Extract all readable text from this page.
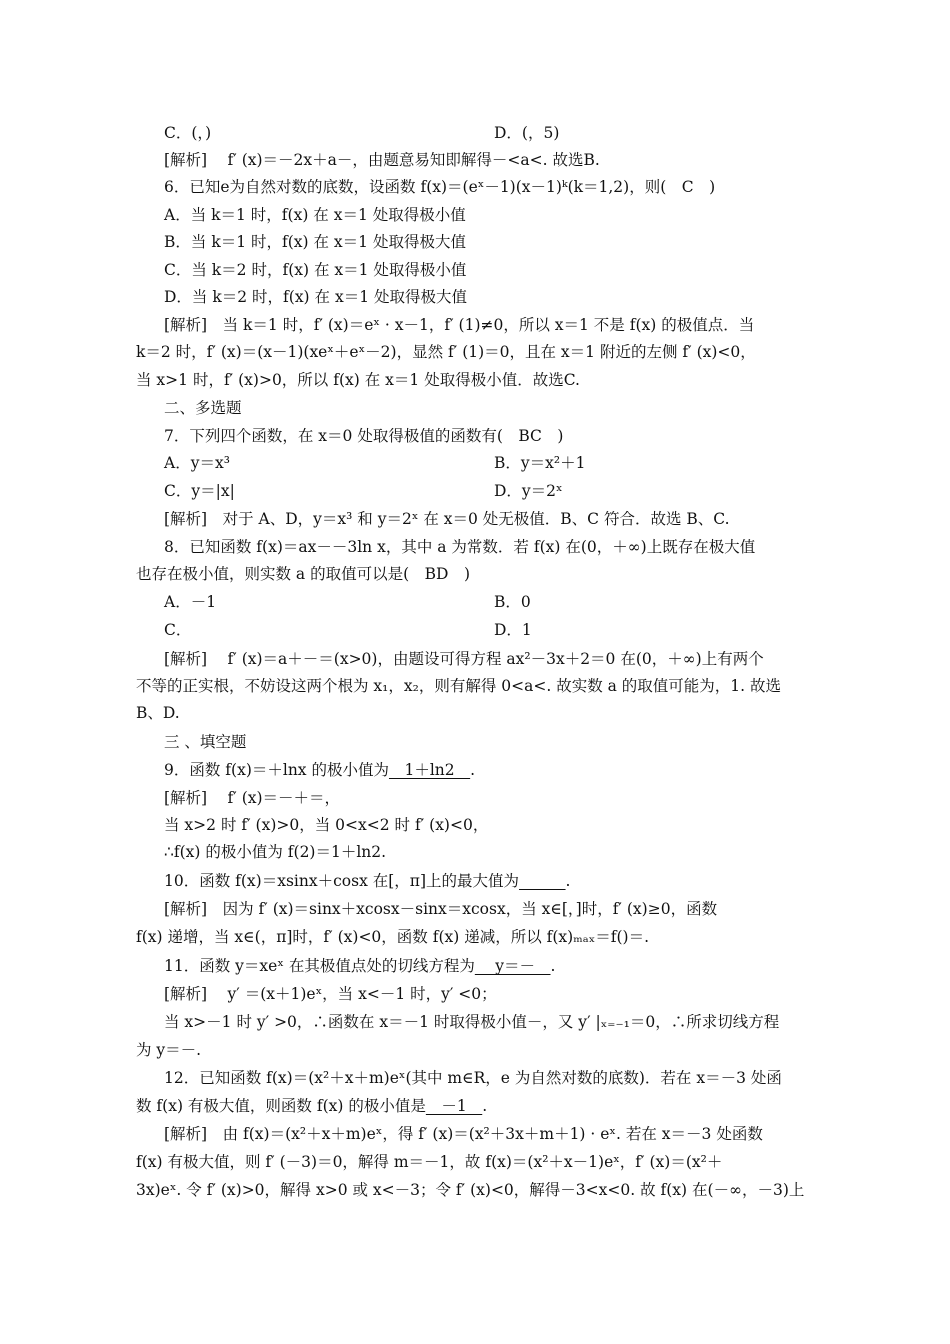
C．(，)	D．(，5)
[解析]　 f′ (x)＝－2x＋a－，由题意易知即解得－<a<. 故选B.
6．已知e为自然对数的底数，设函数 f(x)＝(eˣ－1)(x－1)ᵏ(k＝1,2)，则(　C　)
A．当 k＝1 时，f(x) 在 x＝1 处取得极小值
B．当 k＝1 时，f(x) 在 x＝1 处取得极大值
C．当 k＝2 时，f(x) 在 x＝1 处取得极小值
D．当 k＝2 时，f(x) 在 x＝1 处取得极大值
[解析]　当 k＝1 时，f′ (x)＝eˣ · x－1，f′ (1)≠0，所以 x＝1 不是 f(x) 的极值点．当
k＝2 时，f′ (x)＝(x－1)(xeˣ＋eˣ－2)，显然 f′ (1)＝0，且在 x＝1 附近的左侧 f′ (x)<0，
当 x>1 时，f′ (x)>0，所以 f(x) 在 x＝1 处取得极小值．故选C.
二、多选题
7．下列四个函数，在 x＝0 处取得极值的函数有(　BC　)
A．y＝x³	B．y＝x²＋1
C．y＝|x|	D．y＝2ˣ
[解析]　对于 A、D，y＝x³ 和 y＝2ˣ 在 x＝0 处无极值．B、C 符合．故选 B、C.
8．已知函数 f(x)＝ax－－3ln x，其中 a 为常数．若 f(x) 在(0，＋∞)上既存在极大值
也存在极小值，则实数 a 的取值可以是(　BD　)
A．－1	B．0
C．	D．1
[解析]　 f′ (x)＝a＋－＝(x>0)，由题设可得方程 ax²－3x＋2＝0 在(0，＋∞)上有两个
不等的正实根，不妨设这两个根为 x₁，x₂，则有解得 0<a<. 故实数 a 的取值可能为，1. 故选
B、D.
三 、填空题
9．函数 f(x)＝＋lnx 的极小值为　1＋ln2　.
[解析]　 f′ (x)＝－＋＝，
当 x>2 时 f′ (x)>0，当 0<x<2 时 f′ (x)<0，
∴f(x) 的极小值为 f(2)＝1＋ln2.
10．函数 f(x)＝xsinx＋cosx 在[，π]上的最大值为　　　	.
[解析]　因为 f′ (x)＝sinx＋xcosx－sinx＝xcosx，当 x∈[，]时，f′ (x)≥0，函数
f(x) 递增，当 x∈(，π]时，f′ (x)<0，函数 f(x) 递减，所以 f(x)ₘₐₓ＝f()＝.
11．函数 y＝xeˣ 在其极值点处的切线方程为　 y＝－　.
[解析]　 y′ ＝(x＋1)eˣ，当 x<－1 时，y′ <0；
当 x>－1 时 y′ >0，∴函数在 x＝－1 时取得极小值－，又 y′ |ₓ₌₋₁＝0，∴所求切线方程
为 y＝－.
12．已知函数 f(x)＝(x²＋x＋m)eˣ(其中 m∈R，e 为自然对数的底数)．若在 x＝－3 处函
数 f(x) 有极大值，则函数 f(x) 的极小值是　－1　.
[解析]　由 f(x)＝(x²＋x＋m)eˣ，得 f′ (x)＝(x²＋3x＋m＋1) · eˣ. 若在 x＝－3 处函数
f(x) 有极大值，则 f′ (－3)＝0，解得 m＝－1，故 f(x)＝(x²＋x－1)eˣ，f′ (x)＝(x²＋
3x)eˣ. 令 f′ (x)>0，解得 x>0 或 x<－3；令 f′ (x)<0，解得－3<x<0. 故 f(x) 在(－∞，－3)上
